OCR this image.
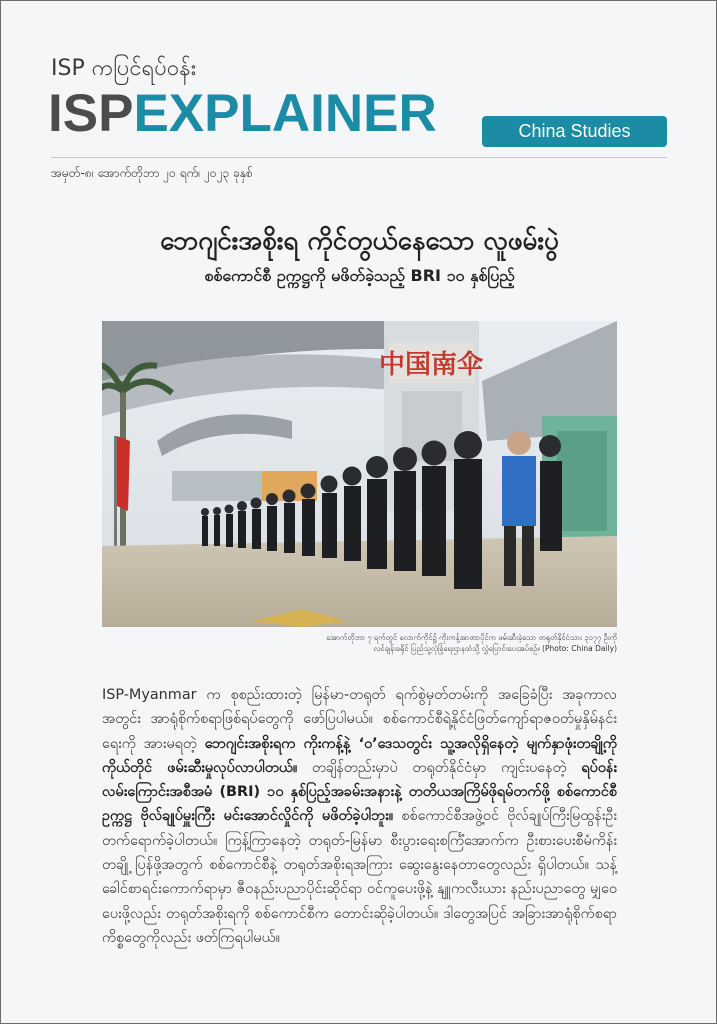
ISP ကပြင်ရပ်ဝန်း
ISPEXPLAINER	China Studies
အမှတ်-၈၊ အောက်တိုဘာ ၂၀ ရက်၊ ၂၀၂၃ ခုနှစ်
ဘေဂျင်းအစိုးရ ကိုင်တွယ်နေသော လူဖမ်းပွဲ
စစ်ကောင်စီ ဥက္ကဋ္ဌကို မဖိတ်ခဲ့သည့် BRI ၁၀ နှစ်ပြည့်
中国南伞
အောက်တိုဘာ ၇ ရက်တွင် လောက်ကိုင်၌ ကိုးကန့်အာဏာပိုင်က ဖမ်းဆီးခဲ့သော တရုတ်နိုင်ငံသား ၃၁၇၇ ဦးကို
လင်ချန်းခရိုင် ပြည်သူ့လုံခြုံရေးဌာနထံသို့ လွှဲပြောင်းပေးအပ်စဉ်။ (Photo: China Daily)
ISP-Myanmar က စုစည်းထားတဲ့ မြန်မာ-တရုတ် ရက်စွဲမှတ်တမ်းကို အခြေခံပြီး အခုကာလအတွင်း အာရုံစိုက်စရာဖြစ်ရပ်တွေကို ဖော်ပြပါမယ်။ စစ်ကောင်စီရဲ့နိုင်ငံဖြတ်ကျော်ရာဇဝတ်မှုနှိမ်နင်းရေးကို အားမရတဲ့ ဘေဂျင်းအစိုးရက ကိုးကန့်နဲ့ ‘ဝ’ဒေသတွင်း သူ့အလိုရှိနေတဲ့ မျက်နှာဖုံးတချို့ကို ကိုယ်တိုင် ဖမ်းဆီးမှုလုပ်လာပါတယ်။ တချိန်တည်းမှာပဲ တရုတ်နိုင်ငံမှာ ကျင်းပနေတဲ့ ရပ်ဝန်းလမ်းကြောင်းအစီအမံ (BRI) ၁၀ နှစ်ပြည့်အခမ်းအနားနဲ့ တတိယအကြိမ်ဖိုရမ်တက်ဖို့ စစ်ကောင်စီဥက္ကဋ္ဌ ဗိုလ်ချုပ်မှူးကြီး မင်းအောင်လှိုင်ကို မဖိတ်ခဲ့ပါဘူး။ စစ်ကောင်စီအဖွဲ့ဝင် ဗိုလ်ချုပ်ကြီးမြထွန်းဦး တက်ရောက်ခဲ့ပါတယ်။ ကြန့်ကြာနေတဲ့ တရုတ်-မြန်မာ စီးပွားရေးစင်္ကြံအောက်က ဦးစားပေးစီမံကိန်းတချို့ ပြန်ဖို့အတွက် စစ်ကောင်စီနဲ့ တရုတ်အစိုးရအကြား ဆွေးနွေးနေတာတွေလည်း ရှိပါတယ်။ သန့်ခေါင်စာရင်းကောက်ရာမှာ ဇီဝနည်းပညာပိုင်းဆိုင်ရာ ဝင်ကူပေးဖို့နဲ့ နျူကလီးယား နည်းပညာတွေ မျှဝေပေးဖို့လည်း တရုတ်အစိုးရကို စစ်ကောင်စီက တောင်းဆိုခဲ့ပါတယ်။ ဒါတွေအပြင် အခြားအာရုံစိုက်စရာ ကိစ္စတွေကိုလည်း ဖတ်ကြရပါမယ်။
